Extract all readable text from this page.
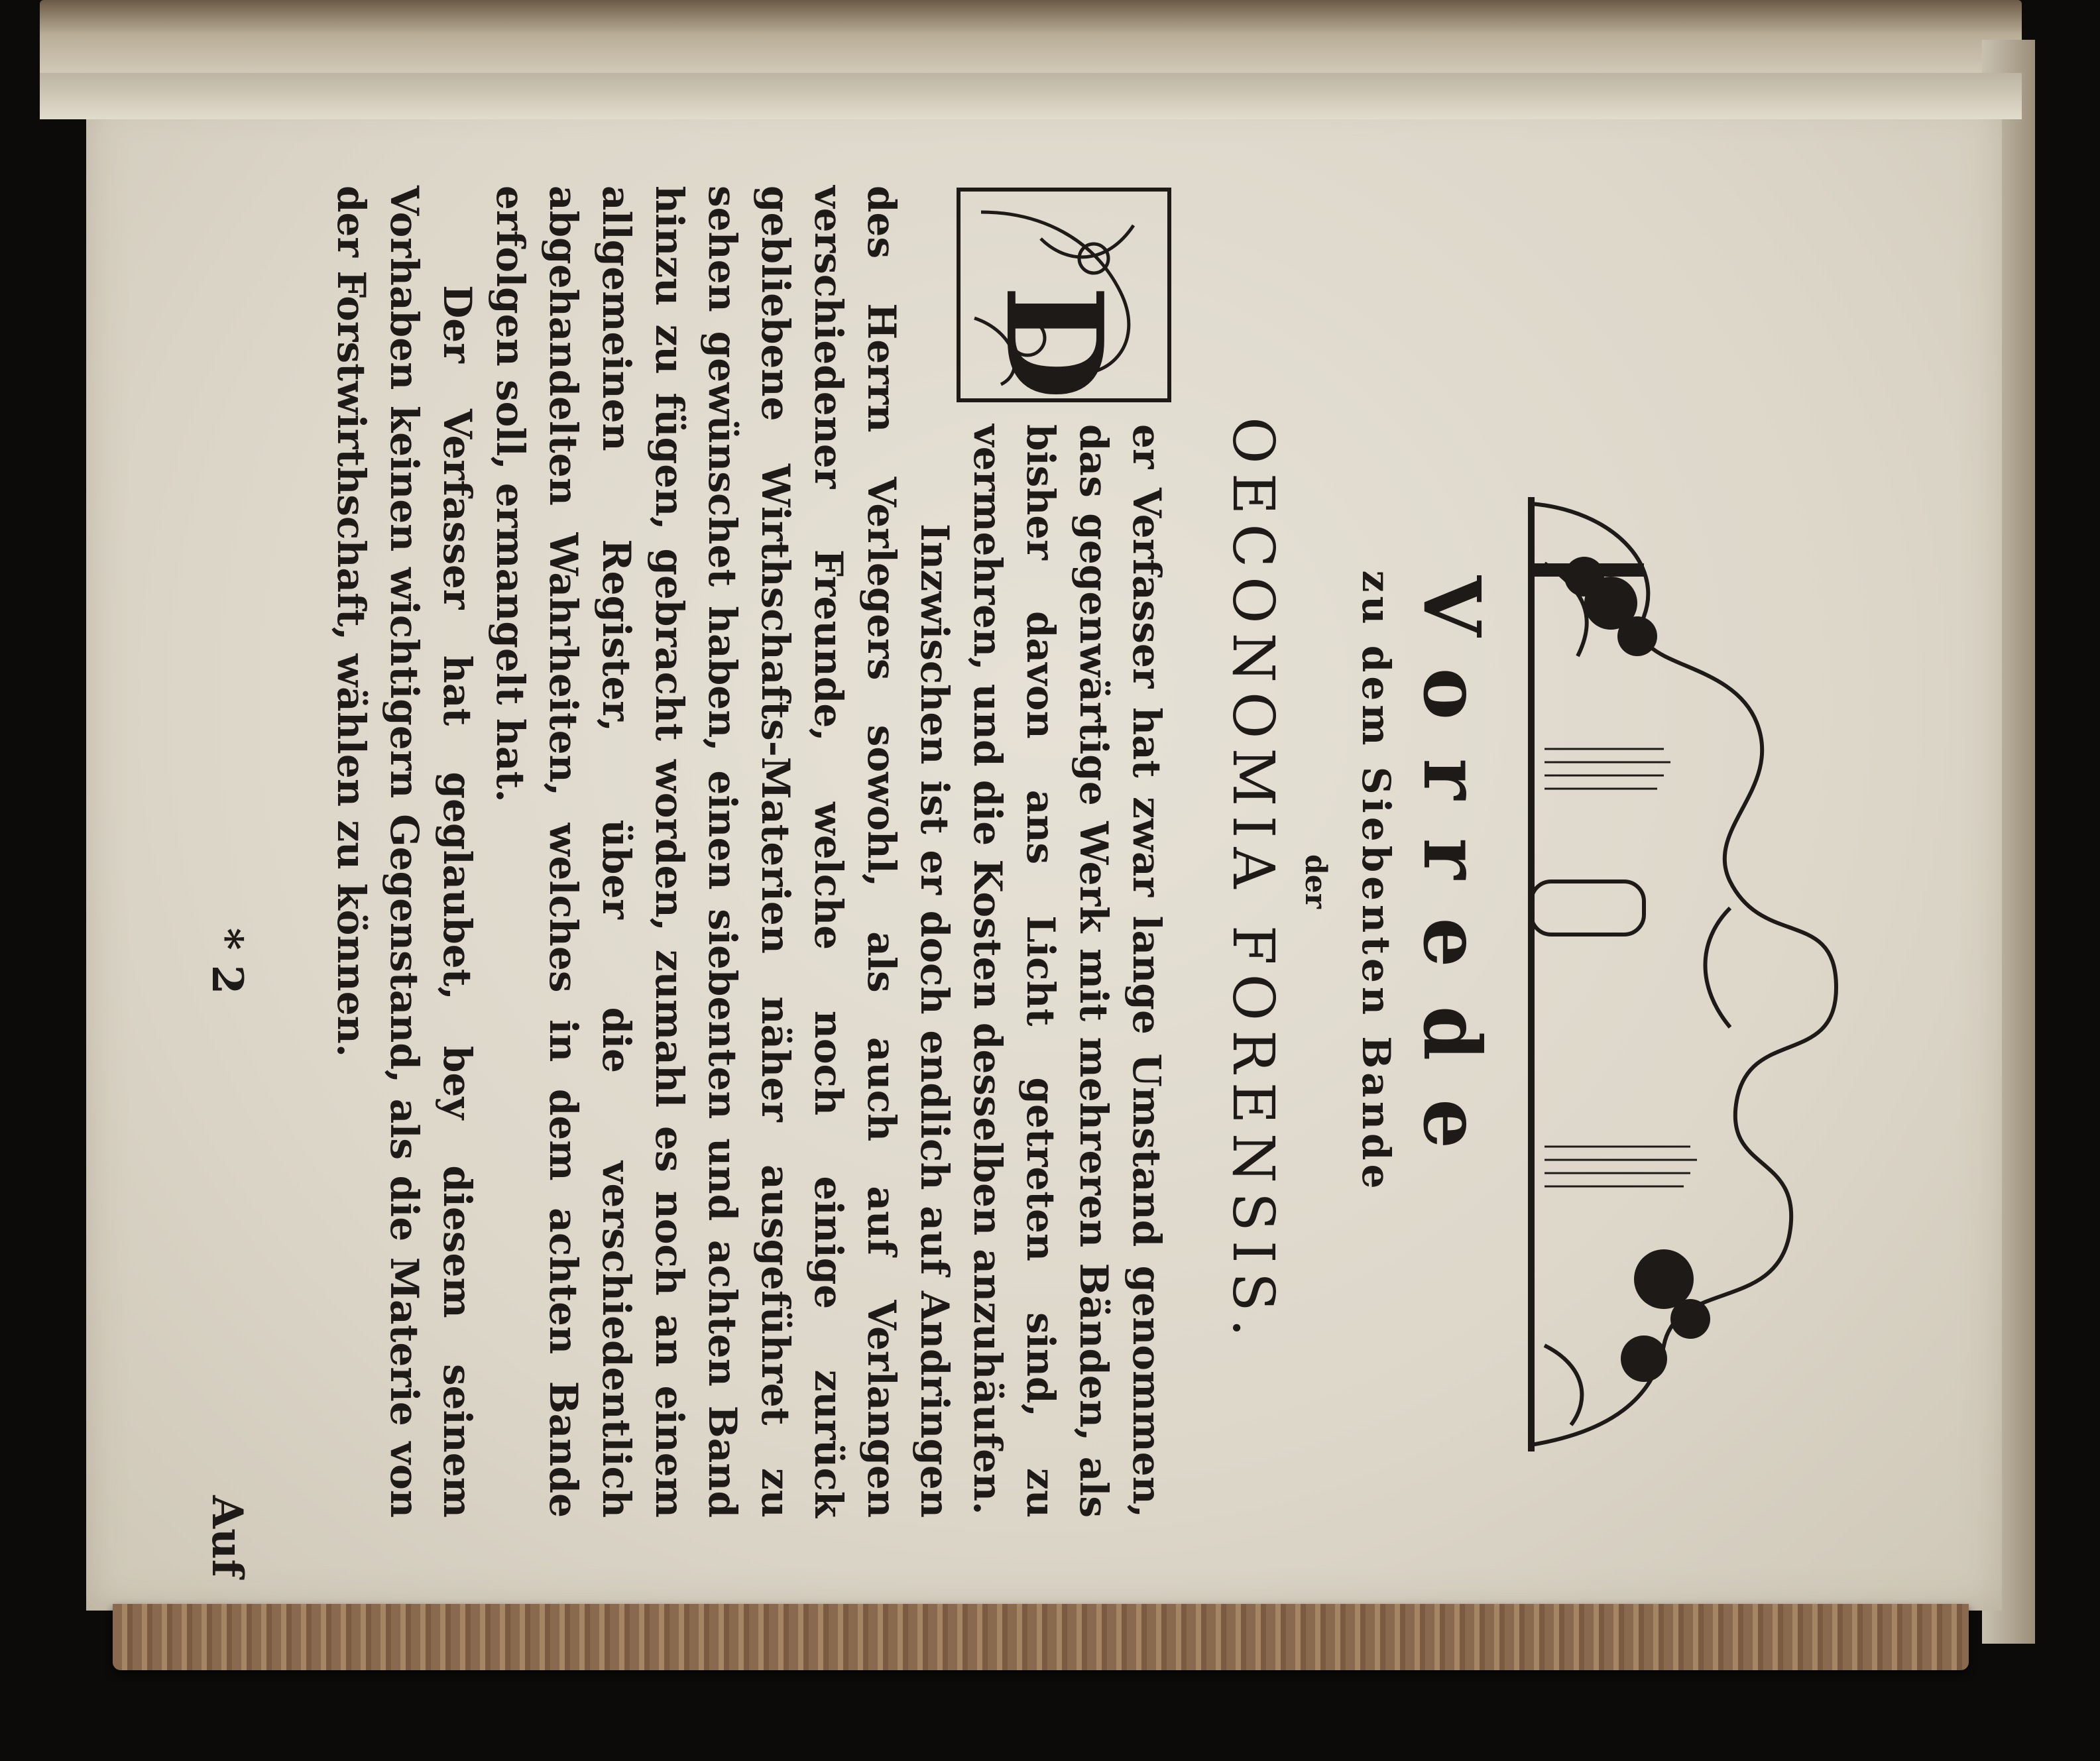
Vorrede
zu dem Siebenten Bande
der
OECONOMIA FORENSIS.
D

er Verfasser hat zwar lange Umstand genommen, das gegenwärtige Werk mit mehreren Bänden, als bisher davon ans Licht getreten sind, zu vermehren, und die Kosten desselben anzuhäufen.

Inzwischen ist er doch endlich auf Andringen des Herrn Verlegers sowohl, als auch auf Verlangen verschiedener Freunde, welche noch einige zurück gebliebene Wirthschafts-Materien näher ausgeführet zu sehen gewünschet haben, einen siebenten und achten Band hinzu zu fügen, gebracht worden, zumahl es noch an einem allgemeinen Register, über die verschiedentlich abgehandelten Wahrheiten, welches in dem achten Bande erfolgen soll, ermangelt hat.

Der Verfasser hat geglaubet, bey diesem seinem Vorhaben keinen wichtigern Gegenstand, als die Materie von der Forstwirthschaft, wählen zu können.

* 2
Auf
